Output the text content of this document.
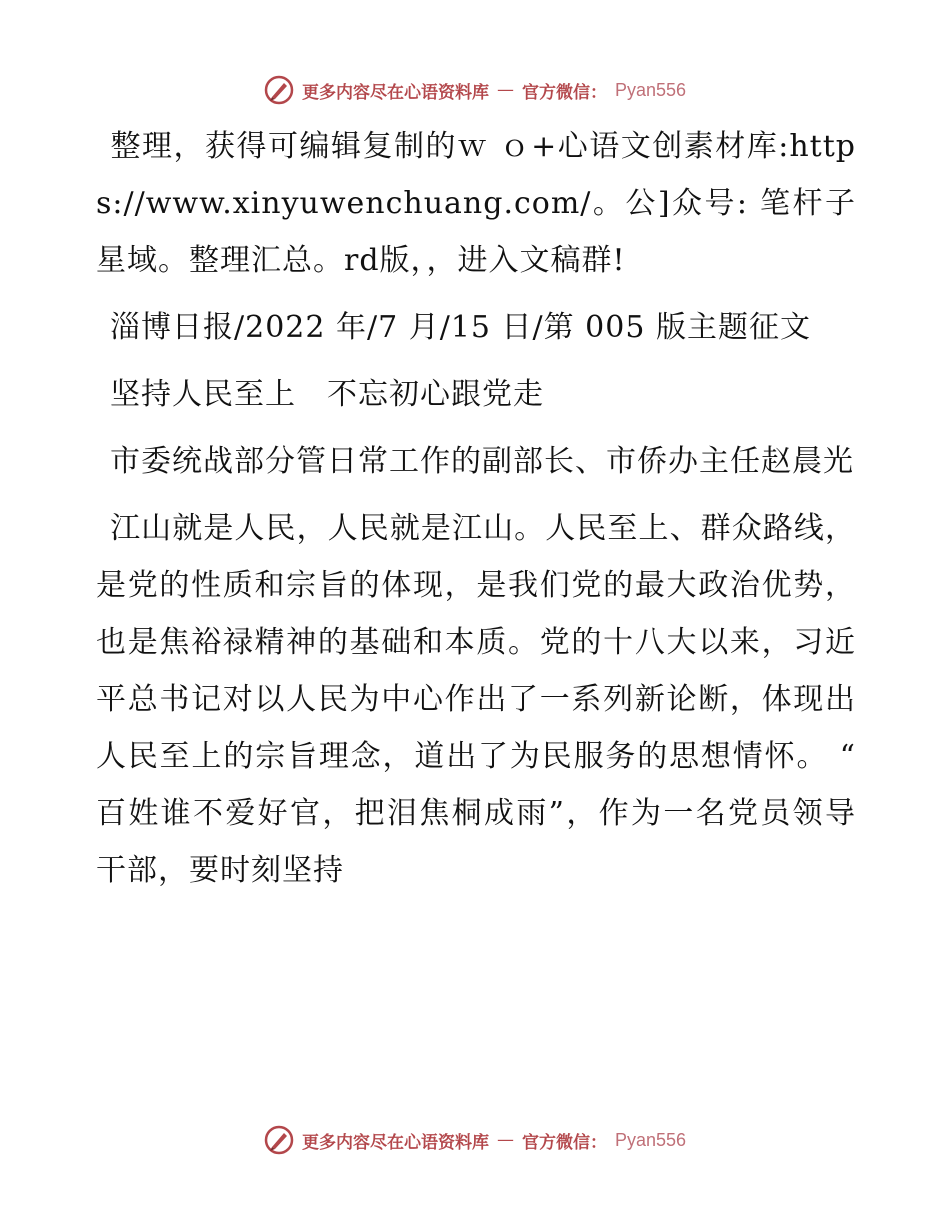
更多内容尽在心语资料库 — 官方微信： Pyan556

整理，获得可编辑复制的ｗ ｏ+心语文创素材库:https://www.xinyuwenchuang.com/。公]众号: 笔杆子星域。整理汇总。rd版，，进入文稿群!

淄博日报/2022 年/7 月/15 日/第 005 版主题征文

坚持人民至上　不忘初心跟党走

市委统战部分管日常工作的副部长、市侨办主任赵晨光

江山就是人民，人民就是江山。人民至上、群众路线，是党的性质和宗旨的体现，是我们党的最大政治优势，也是焦裕禄精神的基础和本质。党的十八大以来，习近平总书记对以人民为中心作出了一系列新论断，体现出人民至上的宗旨理念，道出了为民服务的思想情怀。 “ 百姓谁不爱好官，把泪焦桐成雨”，作为一名党员领导干部，要时刻坚持

更多内容尽在心语资料库 — 官方微信： Pyan556
